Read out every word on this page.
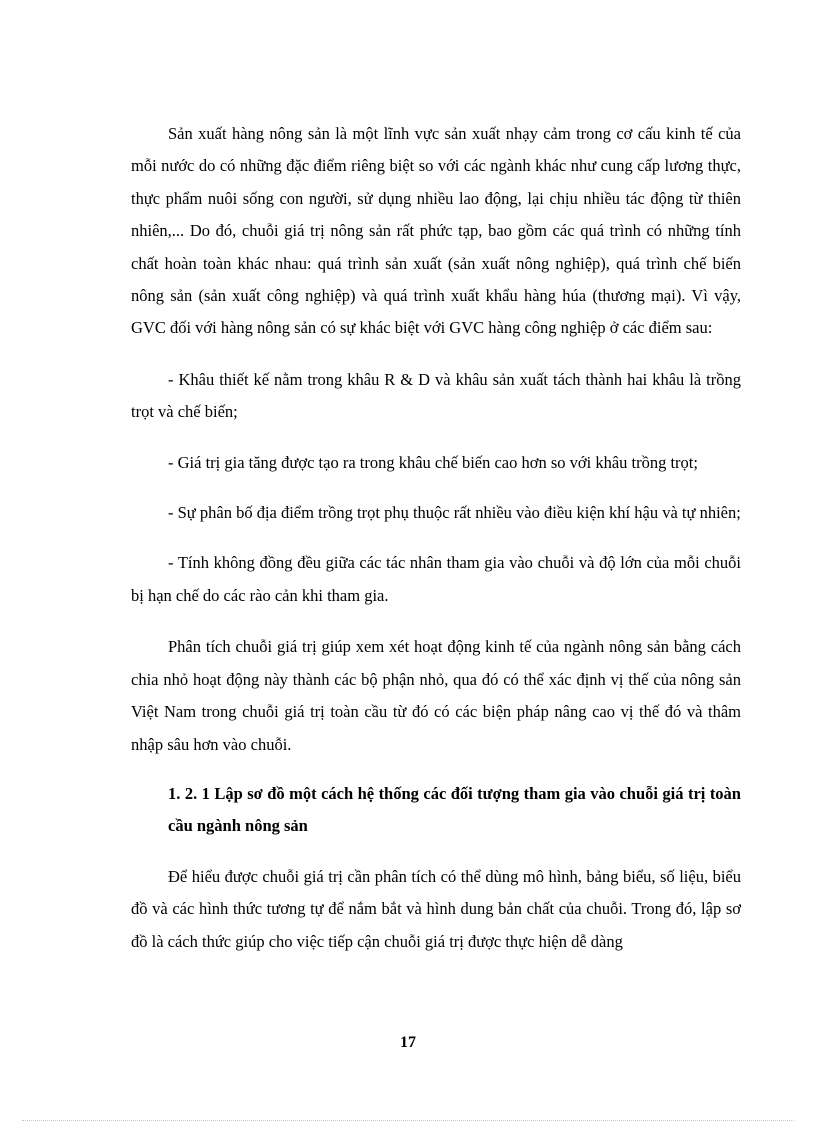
Sản xuất hàng nông sản là một lĩnh vực sản xuất nhạy cảm trong cơ cấu kinh tế của mỗi nước do có những đặc điểm riêng biệt so với các ngành khác như cung cấp lương thực, thực phẩm nuôi sống con người, sử dụng nhiều lao động, lại chịu nhiều tác động từ thiên nhiên,... Do đó, chuỗi giá trị nông sản rất phức tạp, bao gồm các quá trình có những tính chất hoàn toàn khác nhau: quá trình sản xuất (sản xuất nông nghiệp), quá trình chế biến nông sản (sản xuất công nghiệp) và quá trình xuất khẩu hàng húa (thương mại). Vì vậy, GVC đối với hàng nông sản có sự khác biệt với GVC hàng công nghiệp ở các điểm sau:

- Khâu thiết kế nằm trong khâu R & D và khâu sản xuất tách thành hai khâu là trồng trọt và chế biến;

- Giá trị gia tăng được tạo ra trong khâu chế biến cao hơn so với khâu trồng trọt;

- Sự phân bố địa điểm trồng trọt phụ thuộc rất nhiều vào điều kiện khí hậu và tự nhiên;

- Tính không đồng đều giữa các tác nhân tham gia vào chuỗi và độ lớn của mỗi chuỗi bị hạn chế do các rào cản khi tham gia.

Phân tích chuỗi giá trị giúp xem xét hoạt động kinh tế của ngành nông sản bằng cách chia nhỏ hoạt động này thành các bộ phận nhỏ, qua đó có thể xác định vị thế của nông sản Việt Nam trong chuỗi giá trị toàn cầu từ đó có các biện pháp nâng cao vị thế đó và thâm nhập sâu hơn vào chuỗi.

1. 2. 1 Lập sơ đồ một cách hệ thống các đối tượng tham gia vào chuỗi giá trị toàn cầu ngành nông sản

Để hiểu được chuỗi giá trị cần phân tích có thể dùng mô hình, bảng biểu, số liệu, biểu đồ và các hình thức tương tự để nắm bắt và hình dung bản chất của chuỗi. Trong đó, lập sơ đồ là cách thức giúp cho việc tiếp cận chuỗi giá trị được thực hiện dễ dàng

17
